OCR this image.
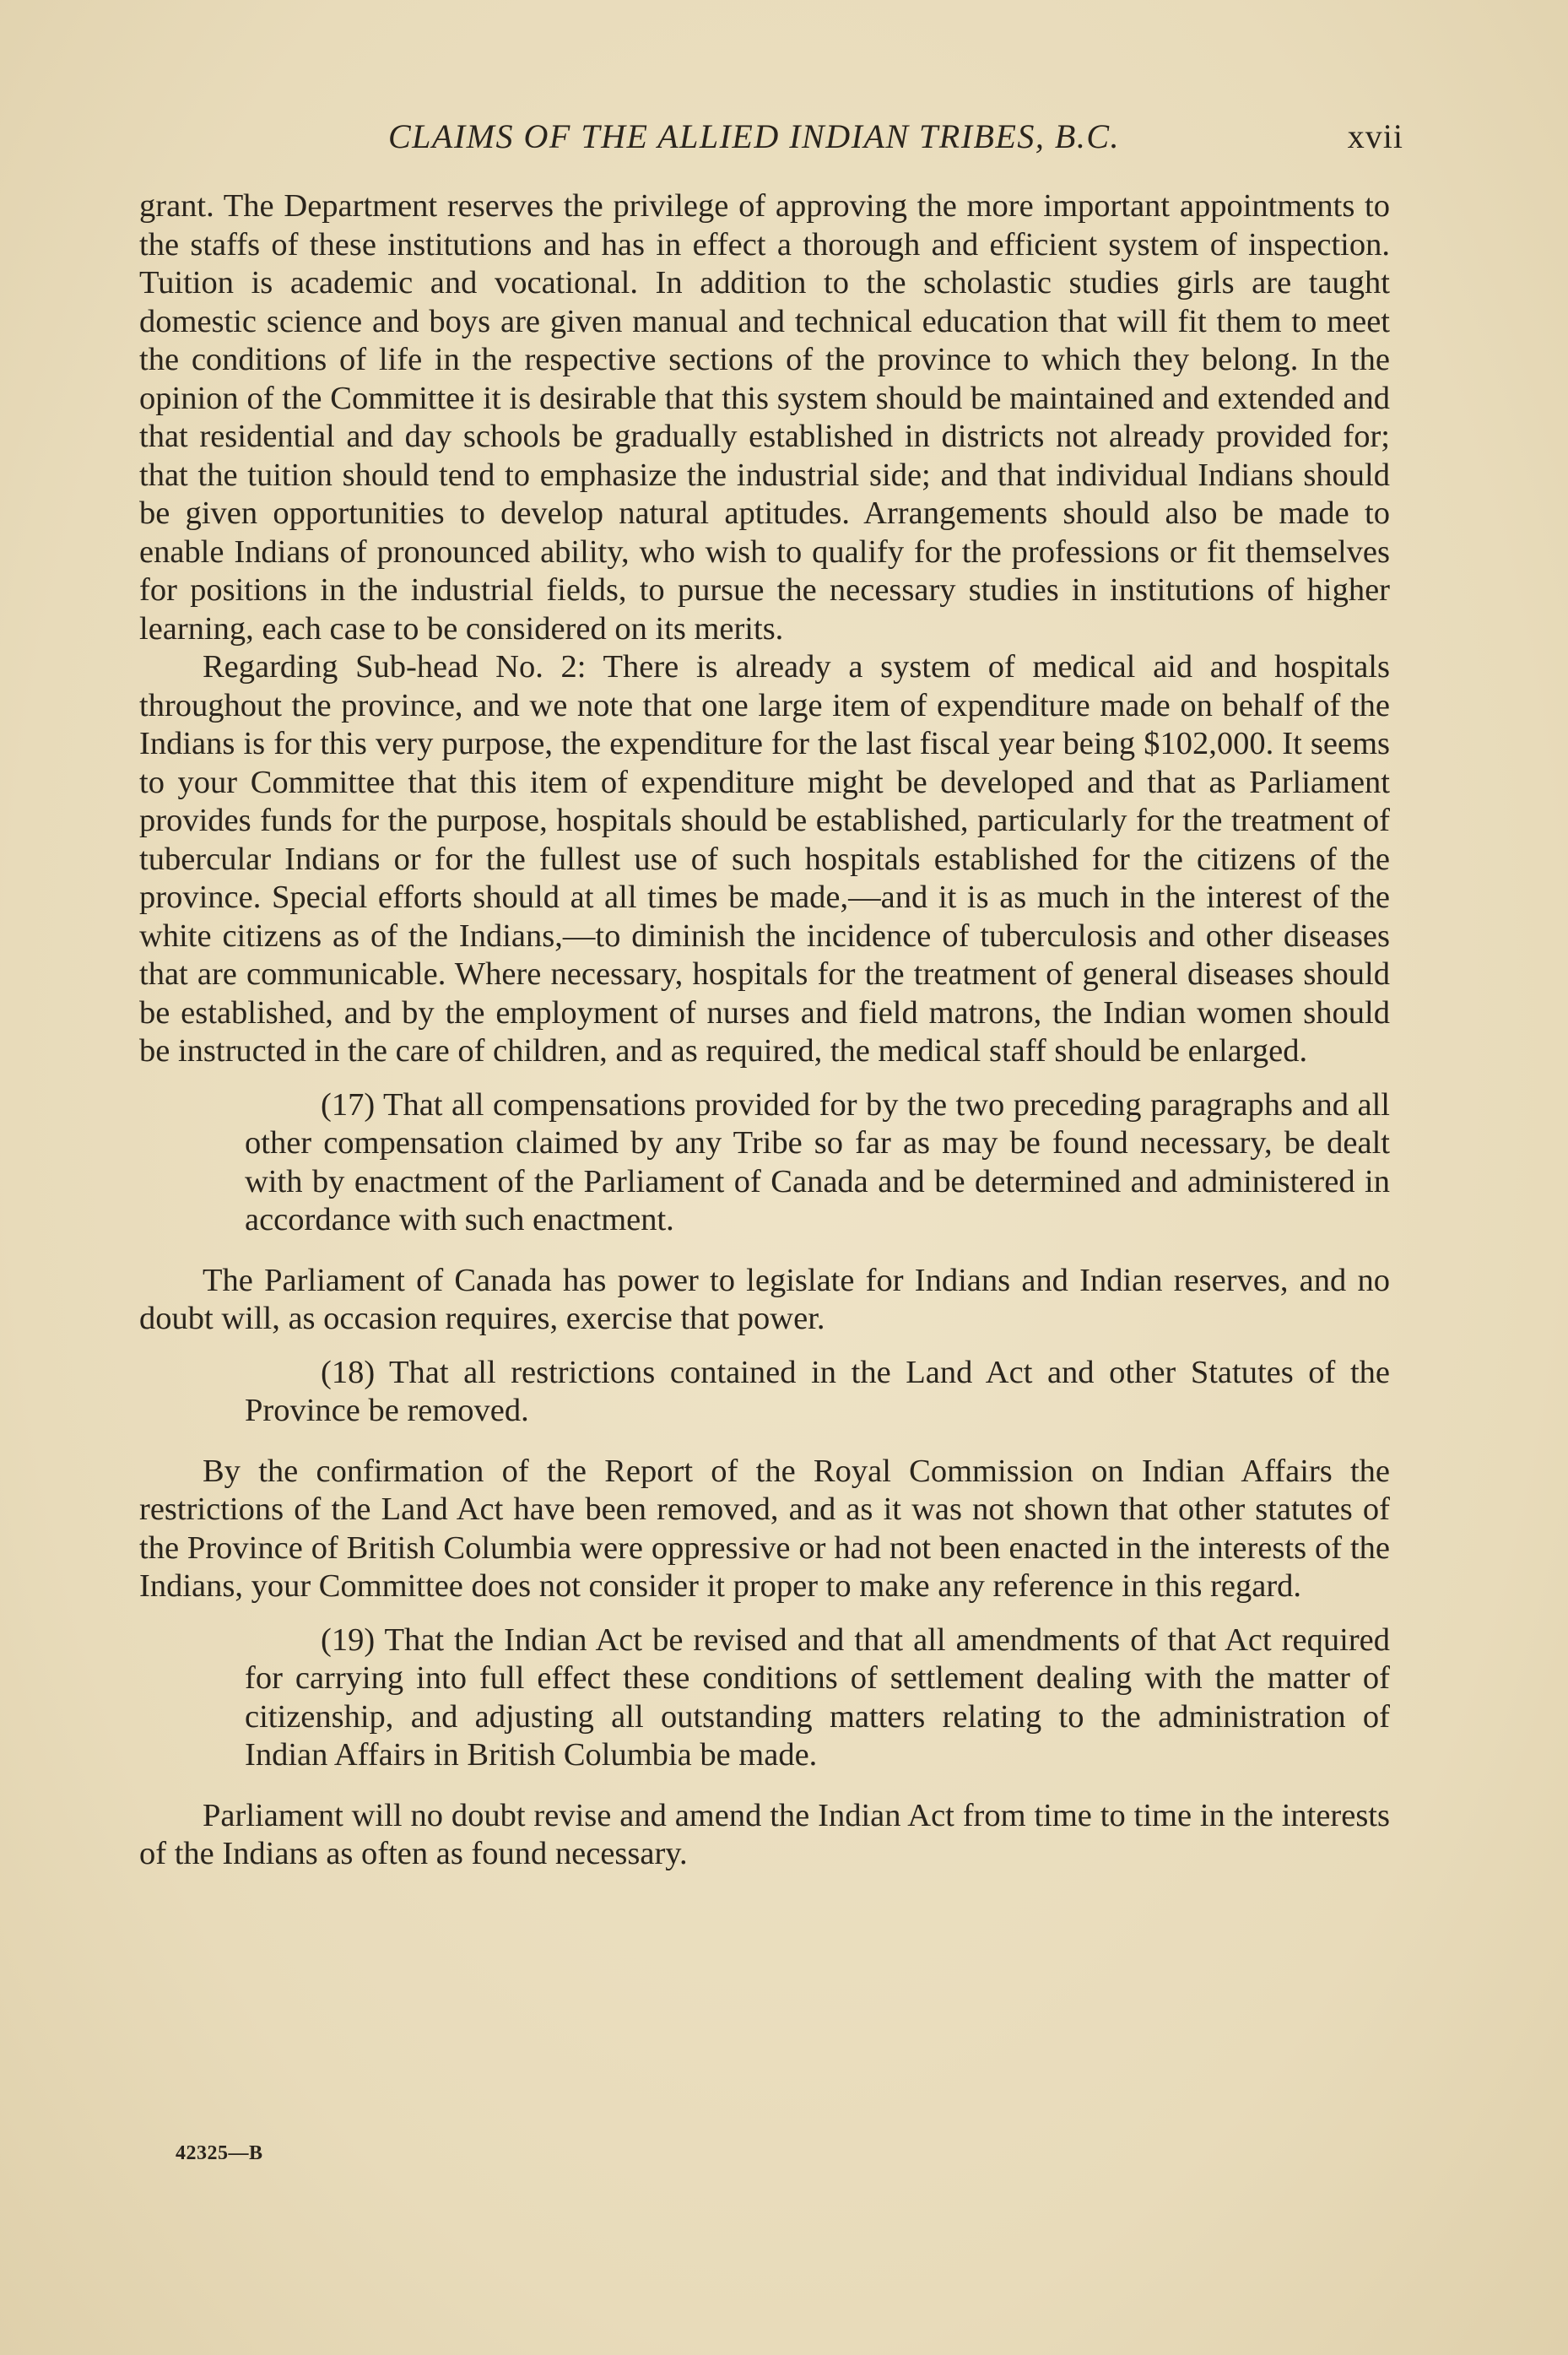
CLAIMS OF THE ALLIED INDIAN TRIBES, B.C.	xvii

grant. The Department reserves the privilege of approving the more important appointments to the staffs of these institutions and has in effect a thorough and efficient system of inspection. Tuition is academic and vocational. In addition to the scholastic studies girls are taught domestic science and boys are given manual and technical education that will fit them to meet the conditions of life in the respective sections of the province to which they belong. In the opinion of the Committee it is desirable that this system should be maintained and extended and that residential and day schools be gradually established in districts not already provided for; that the tuition should tend to emphasize the industrial side; and that individual Indians should be given opportunities to develop natural aptitudes. Arrangements should also be made to enable Indians of pronounced ability, who wish to qualify for the professions or fit themselves for positions in the industrial fields, to pursue the necessary studies in institutions of higher learning, each case to be considered on its merits.

Regarding Sub-head No. 2: There is already a system of medical aid and hospitals throughout the province, and we note that one large item of expenditure made on behalf of the Indians is for this very purpose, the expenditure for the last fiscal year being $102,000. It seems to your Committee that this item of expenditure might be developed and that as Parliament provides funds for the purpose, hospitals should be established, particularly for the treatment of tubercular Indians or for the fullest use of such hospitals established for the citizens of the province. Special efforts should at all times be made,—and it is as much in the interest of the white citizens as of the Indians,—to diminish the incidence of tuberculosis and other diseases that are communicable. Where necessary, hospitals for the treatment of general diseases should be established, and by the employment of nurses and field matrons, the Indian women should be instructed in the care of children, and as required, the medical staff should be enlarged.

(17) That all compensations provided for by the two preceding paragraphs and all other compensation claimed by any Tribe so far as may be found necessary, be dealt with by enactment of the Parliament of Canada and be determined and administered in accordance with such enactment.

The Parliament of Canada has power to legislate for Indians and Indian reserves, and no doubt will, as occasion requires, exercise that power.

(18) That all restrictions contained in the Land Act and other Statutes of the Province be removed.

By the confirmation of the Report of the Royal Commission on Indian Affairs the restrictions of the Land Act have been removed, and as it was not shown that other statutes of the Province of British Columbia were oppressive or had not been enacted in the interests of the Indians, your Committee does not consider it proper to make any reference in this regard.

(19) That the Indian Act be revised and that all amendments of that Act required for carrying into full effect these conditions of settlement dealing with the matter of citizenship, and adjusting all outstanding matters relating to the administration of Indian Affairs in British Columbia be made.

Parliament will no doubt revise and amend the Indian Act from time to time in the interests of the Indians as often as found necessary.

42325—B
